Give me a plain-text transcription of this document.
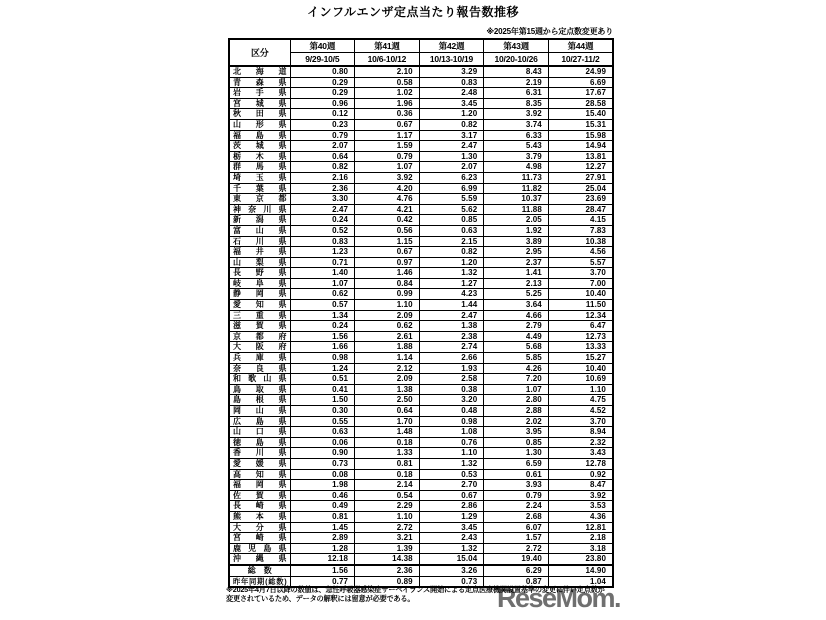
インフルエンザ定点当たり報告数推移
※2025年第15週から定点数変更あり
区分	第40週	第41週	第42週	第43週	第44週
	9/29-10/5	10/6-10/12	10/13-10/19	10/20-10/26	10/27-11/2

北海道	0.80	2.10	3.29	8.43	24.99

青森県	0.29	0.58	0.83	2.19	6.69

岩手県	0.29	1.02	2.48	6.31	17.67

宮城県	0.96	1.96	3.45	8.35	28.58

秋田県	0.12	0.36	1.20	3.92	15.40

山形県	0.23	0.67	0.82	3.74	15.31

福島県	0.79	1.17	3.17	6.33	15.98

茨城県	2.07	1.59	2.47	5.43	14.94

栃木県	0.64	0.79	1.30	3.79	13.81

群馬県	0.82	1.07	2.07	4.98	12.27

埼玉県	2.16	3.92	6.23	11.73	27.91

千葉県	2.36	4.20	6.99	11.82	25.04

東京都	3.30	4.76	5.59	10.37	23.69

神奈川県	2.47	4.21	5.62	11.88	28.47

新潟県	0.24	0.42	0.85	2.05	4.15

富山県	0.52	0.56	0.63	1.92	7.83

石川県	0.83	1.15	2.15	3.89	10.38

福井県	1.23	0.67	0.82	2.95	4.56

山梨県	0.71	0.97	1.20	2.37	5.57

長野県	1.40	1.46	1.32	1.41	3.70

岐阜県	1.07	0.84	1.27	2.13	7.00

静岡県	0.62	0.99	4.23	5.25	10.40

愛知県	0.57	1.10	1.44	3.64	11.50

三重県	1.34	2.09	2.47	4.66	12.34

滋賀県	0.24	0.62	1.38	2.79	6.47

京都府	1.56	2.61	2.38	4.49	12.73

大阪府	1.66	1.88	2.74	5.68	13.33

兵庫県	0.98	1.14	2.66	5.85	15.27

奈良県	1.24	2.12	1.93	4.26	10.40

和歌山県	0.51	2.09	2.58	7.20	10.69

鳥取県	0.41	1.38	0.38	1.07	1.10

島根県	1.50	2.50	3.20	2.80	4.75

岡山県	0.30	0.64	0.48	2.88	4.52

広島県	0.55	1.70	0.98	2.02	3.70

山口県	0.63	1.48	1.08	3.95	8.94

徳島県	0.06	0.18	0.76	0.85	2.32

香川県	0.90	1.33	1.10	1.30	3.43

愛媛県	0.73	0.81	1.32	6.59	12.78

高知県	0.08	0.18	0.53	0.61	0.92

福岡県	1.98	2.14	2.70	3.93	8.47

佐賀県	0.46	0.54	0.67	0.79	3.92

長崎県	0.49	2.29	2.86	2.24	3.53

熊本県	0.81	1.10	1.29	2.68	4.36

大分県	1.45	2.72	3.45	6.07	12.81

宮崎県	2.89	3.21	2.43	1.57	2.18

鹿児島県	1.28	1.39	1.32	2.72	3.18

沖縄県	12.18	14.38	15.04	19.40	23.80

総　数	1.56	2.36	3.26	6.29	14.90

昨年同期(総数)	0.77	0.89	0.73	0.87	1.04
※2025年4月7日以降の数値は、急性呼吸器感染症サーベイランス開始による定点医療機関設置基準の変更に伴い定点数が
変更されているため、データの解釈には留意が必要である。	ReseMom.
